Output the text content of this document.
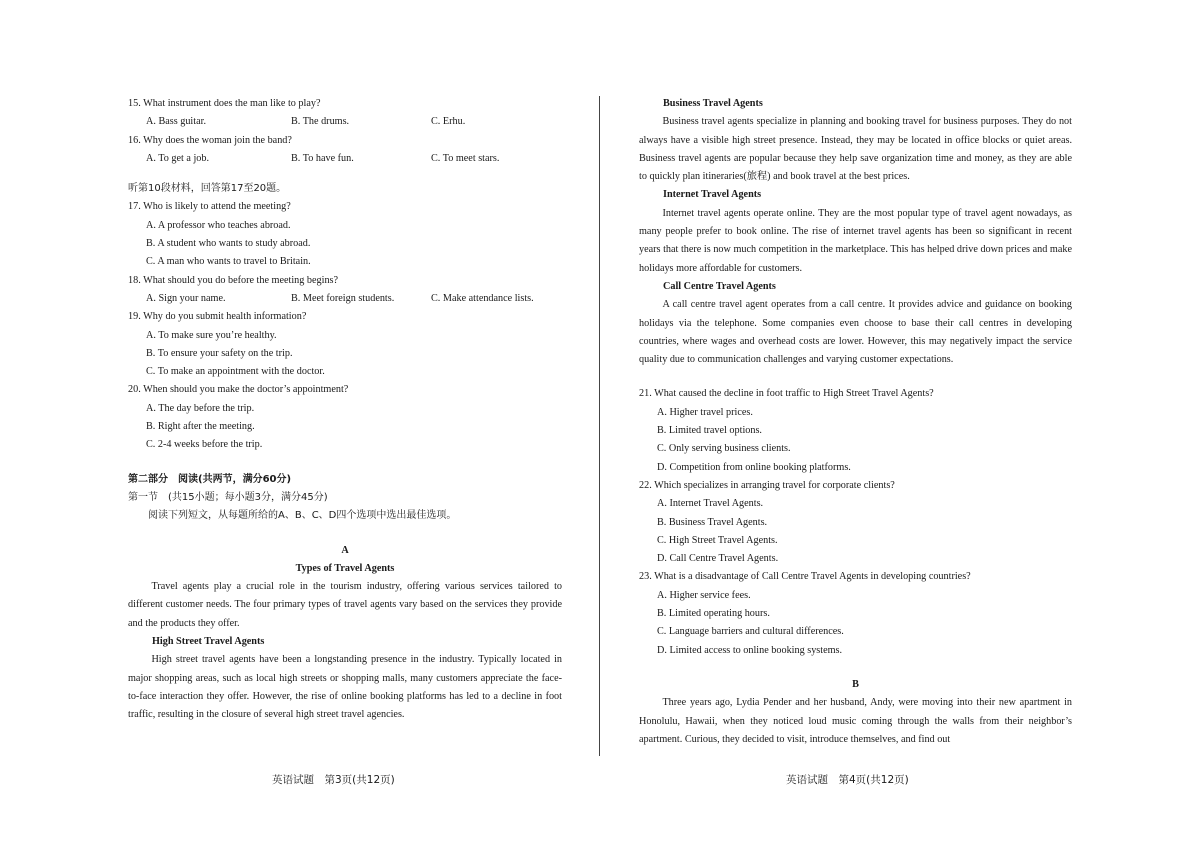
15. What instrument does the man like to play?

A. Bass guitar.	B. The drums.	C. Erhu.

16. Why does the woman join the band?

A. To get a job.	B. To have fun.	C. To meet stars.

听第10段材料，回答第17至20题。

17. Who is likely to attend the meeting?

A. A professor who teaches abroad.

B. A student who wants to study abroad.

C. A man who wants to travel to Britain.

18. What should you do before the meeting begins?

A. Sign your name.	B. Meet foreign students.	C. Make attendance lists.

19. Why do you submit health information?

A. To make sure you’re healthy.

B. To ensure your safety on the trip.

C. To make an appointment with the doctor.

20. When should you make the doctor’s appointment?

A. The day before the trip.

B. Right after the meeting.

C. 2-4 weeks before the trip.

第二部分　阅读(共两节，满分60分)

第一节　(共15小题；每小题3分，满分45分)

阅读下列短文，从每题所给的A、B、C、D四个选项中选出最佳选项。

A

Types of Travel Agents

Travel agents play a crucial role in the tourism industry, offering various services tailored to different customer needs. The four primary types of travel agents vary based on the services they provide and the products they offer.

High Street Travel Agents

High street travel agents have been a longstanding presence in the industry. Typically located in major shopping areas, such as local high streets or shopping malls, many customers appreciate the face-to-face interaction they offer. However, the rise of online booking platforms has led to a decline in foot traffic, resulting in the closure of several high street travel agencies.

Business Travel Agents

Business travel agents specialize in planning and booking travel for business purposes. They do not always have a visible high street presence. Instead, they may be located in office blocks or quiet areas. Business travel agents are popular because they help save organization time and money, as they are able to quickly plan itineraries(旅程) and book travel at the best prices.

Internet Travel Agents

Internet travel agents operate online. They are the most popular type of travel agent nowadays, as many people prefer to book online. The rise of internet travel agents has been so significant in recent years that there is now much competition in the marketplace. This has helped drive down prices and make holidays more affordable for customers.

Call Centre Travel Agents

A call centre travel agent operates from a call centre. It provides advice and guidance on booking holidays via the telephone. Some companies even choose to base their call centres in developing countries, where wages and overhead costs are lower. However, this may negatively impact the service quality due to communication challenges and varying customer expectations.

21. What caused the decline in foot traffic to High Street Travel Agents?

A. Higher travel prices.

B. Limited travel options.

C. Only serving business clients.

D. Competition from online booking platforms.

22. Which specializes in arranging travel for corporate clients?

A. Internet Travel Agents.

B. Business Travel Agents.

C. High Street Travel Agents.

D. Call Centre Travel Agents.

23. What is a disadvantage of Call Centre Travel Agents in developing countries?

A. Higher service fees.

B. Limited operating hours.

C. Language barriers and cultural differences.

D. Limited access to online booking systems.

B

Three years ago, Lydia Pender and her husband, Andy, were moving into their new apartment in Honolulu, Hawaii, when they noticed loud music coming through the walls from their neighbor’s apartment. Curious, they decided to visit, introduce themselves, and find out

英语试题　第3页(共12页)	英语试题　第4页(共12页)
